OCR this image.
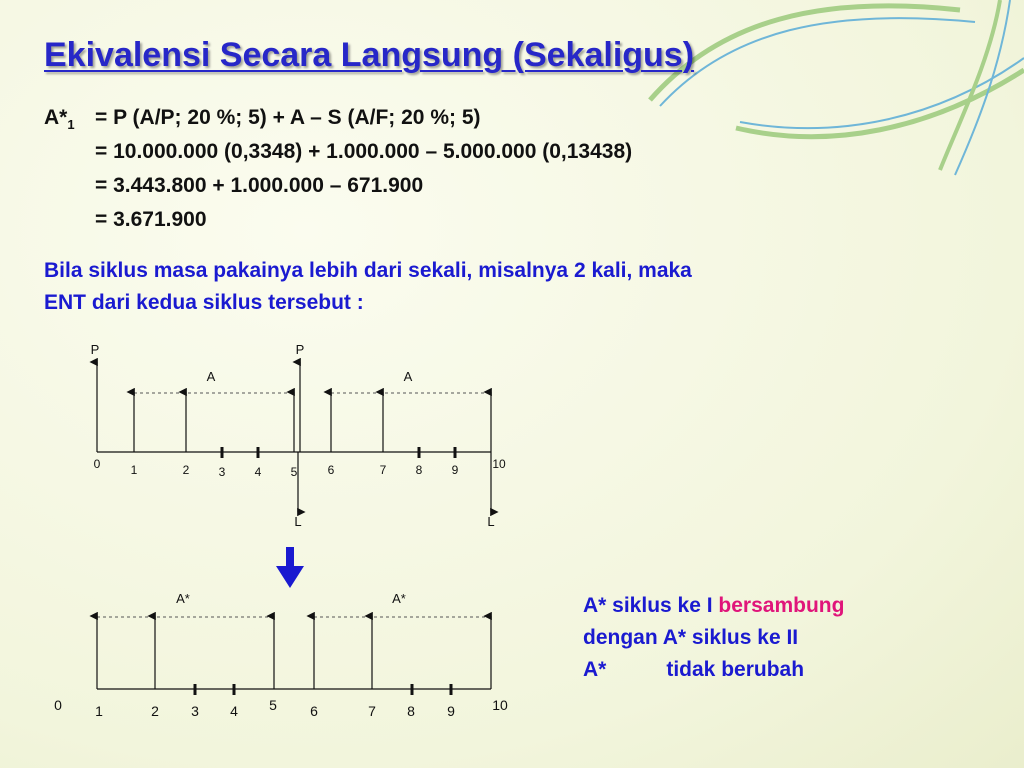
Ekivalensi Secara Langsung (Sekaligus)
$A*_1 = P$ (A/P; 20 %; 5) + A – S (A/F; 20 %; 5)
= 10.000.000 (0,3348) + 1.000.000 – 5.000.000 (0,13438)
= 3.443.800 + 1.000.000 – 671.900
= 3.671.900
Bila siklus masa pakainya lebih dari sekali, misalnya 2 kali, maka
ENT dari kedua siklus tersebut :
P	P
A	A
L	L
0	1	2 3 4 5	6	7 8 9	10
A*	A*
0 1	2 3 4 5 6	7 8 9	10
A* siklus ke I bersambung
dengan A* siklus ke II
A*	tidak berubah
